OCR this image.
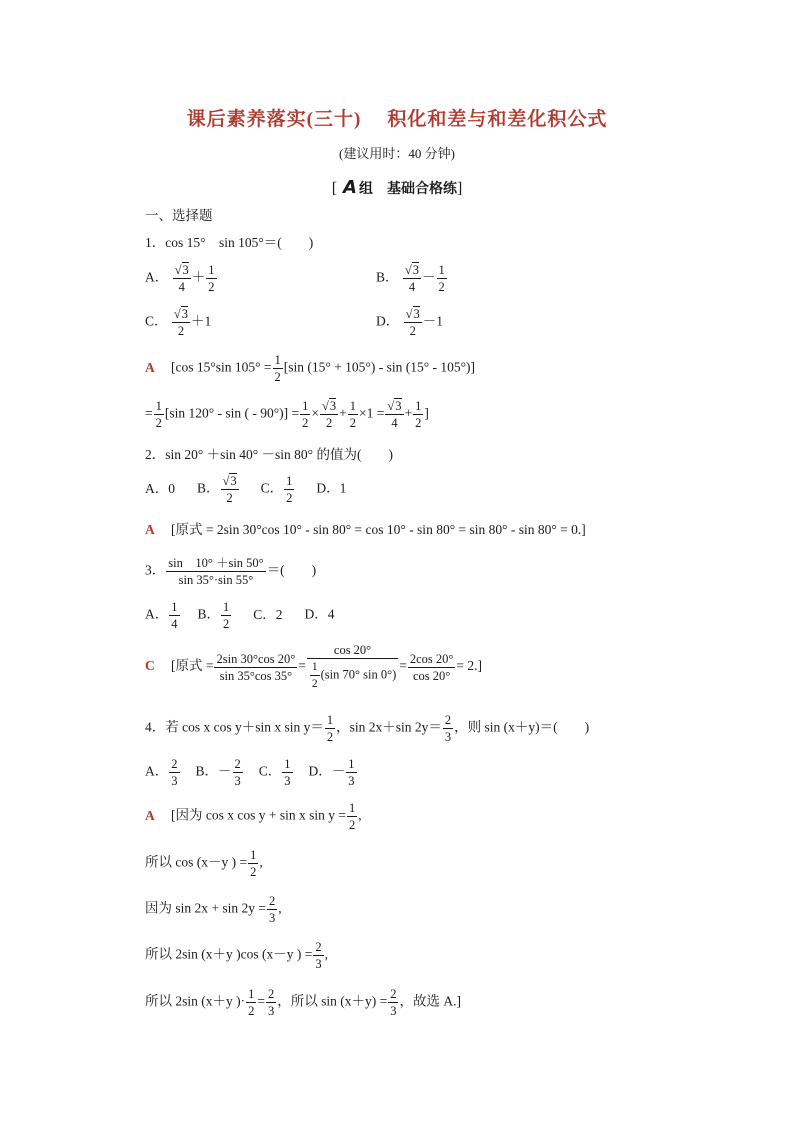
课后素养落实(三十) 积化和差与和差化积公式
(建议用时：40 分钟)
[ A 组　基础合格练]
一、选择题
1．cos 15°　sin 105°＝(　　)
A． $\frac{√3}{4} + \frac{1}{2}$	B． $\frac{√3}{4} - \frac{1}{2}$
C． $\frac{√3}{2} +1$	D． $\frac{√3}{2} -1$
A [cos 15°sin $105^\circ = \frac{1}{2} [\sin$ (15° + 105°) - sin (15° - 105°)]
= $\frac{1}{2} [\sin$ 120° - sin ( - $90^\circ)] = \frac{1}{2} \times \frac{√3}{2} + \frac{1}{2} \times 1 = \frac{√3}{4} + \frac{1}{2}$ ]
2．sin 20° ＋sin 40° －sin 80° 的值为(　　)
A．0 B． $\frac{√3}{2}$ C． $\frac{1}{2}$ D．1
A [原式 = 2sin 30°cos 10° - sin 80° = cos 10° - sin 80° = sin 80° - sin 80° = 0.]
3． $\frac{\sin 10^\circ +\sin 50^\circ}{\sin 35^\circ\cdot\sin 55^\circ}$ ＝(　　)
A． $\frac{1}{4}$ B． $\frac{1}{2}$ C．2 D．4
C [原式 = $\frac{2\sin 30^\circ\cos 20^\circ}{\sin 35^\circ\cos 35^\circ} = \frac{\cos 20^\circ}{\frac{1}{2} (\sin 70^\circ \sin 0^\circ)} = \frac{2\cos 20^\circ}{\cos 20^\circ} = 2$.]
4．若 cos x cos y＋sin x $\sin y= \frac{1}{2}$ ，sin 2x＋sin $2y= \frac{2}{3}$ ，则 sin (x＋y)＝(　　)
A． $\frac{2}{3}$ B．－ $\frac{2}{3}$ C． $\frac{1}{3}$ D．－ $\frac{1}{3}$
A [因为 cos x cos y + sin x $\sin y = \frac{1}{2}$ ,
所以 cos (x－y ) = $\frac{1}{2}$ ,
因为 $\sin 2x + \sin 2y = \frac{2}{3}$ ,
所以 2sin (x＋y )cos (x－y ) = $\frac{2}{3}$ ,
所以 2sin (x＋y )· $\frac{1}{2} = \frac{2}{3}$ ，所以 $\sin (x+y) = \frac{2}{3}$ ，故选 A.]
